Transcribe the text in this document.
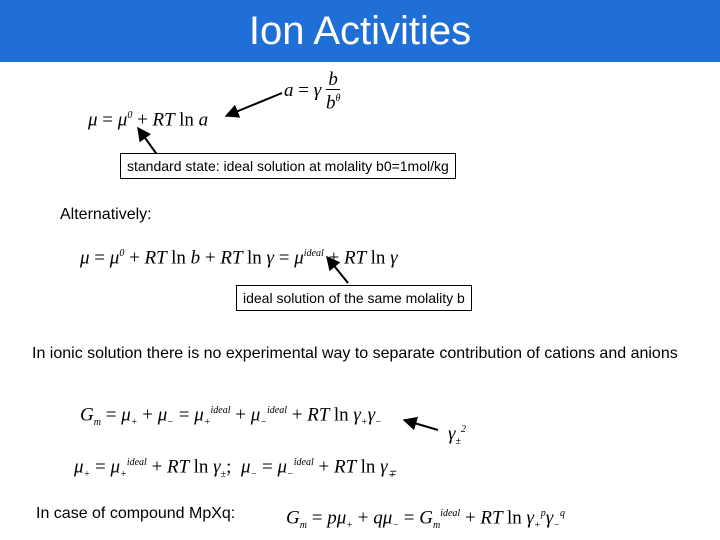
Ion Activities
$\mu = \mu^0$ + RT ln a
a = γ $\frac{b}{b^\theta}$
standard state: ideal solution at molality b0=1mol/kg
Alternatively:
$\mu = \mu^0$ + RT ln b + RT $\ln \gamma = \mu^{ideal}$ + RT ln γ
ideal solution of the same molality b
In ionic solution there is no experimental way to separate contribution of cations and anions
$G_m = \mu_+ + \mu_- = \mu_+^{ideal} + \mu_-^{ideal}$ + RT $\ln \gamma_+\gamma_-$
$\gamma_\pm^2$
$\mu_+ = \mu_+^{ideal}$ + RT $\ln \gamma_\pm$;  $\mu_- = \mu_-^{ideal}$ + RT $\ln \gamma_\mp$
In case of compound MpXq:	$G_m = p\mu_+ + q\mu_- = G_m^{ideal}$ + RT $\ln \gamma_+^p\gamma_-^q$
